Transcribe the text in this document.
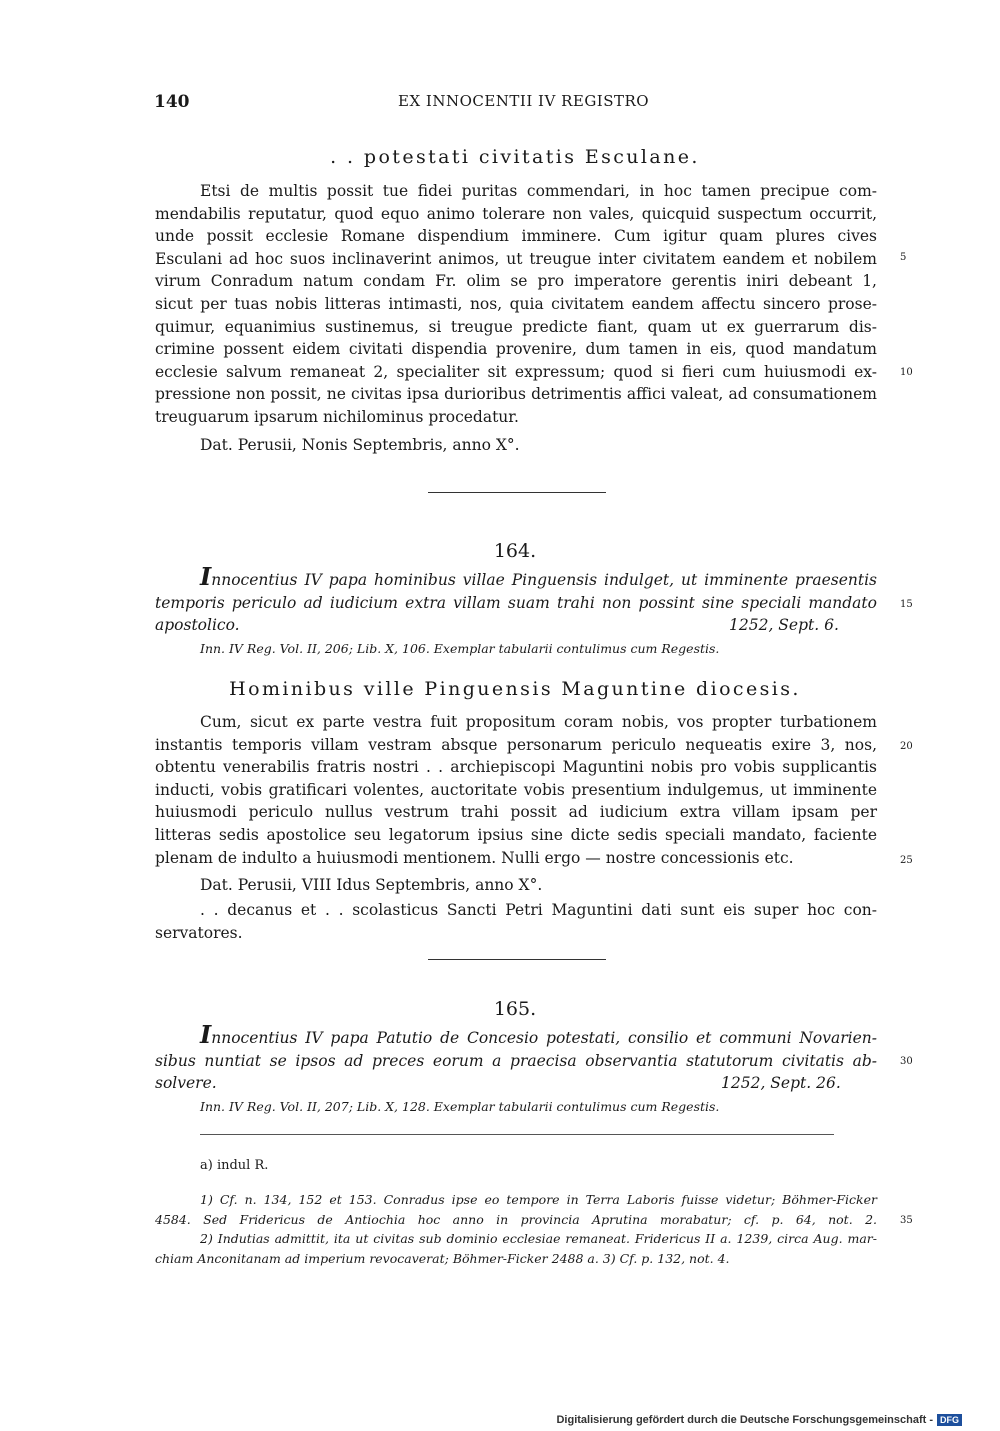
140	EX INNOCENTII IV REGISTRO
. . potestati civitatis Esculane.
Etsi de multis possit tue fidei puritas commendari, in hoc tamen precipue com-
mendabilis reputatur, quod equo animo tolerare non vales, quicquid suspectum occurrit,
unde possit ecclesie Romane dispendium imminere. Cum igitur quam plures cives
Esculani ad hoc suos inclinaverint animos, ut treugue inter civitatem eandem et nobilem
virum Conradum natum condam Fr. olim se pro imperatore gerentis iniri debeant 1,
sicut per tuas nobis litteras intimasti, nos, quia civitatem eandem affectu sincero prose-
quimur, equanimius sustinemus, si treugue predicte fiant, quam ut ex guerrarum dis-
crimine possent eidem civitati dispendia provenire, dum tamen in eis, quod mandatum
ecclesie salvum remaneat 2, specialiter sit expressum; quod si fieri cum huiusmodi ex-
pressione non possit, ne civitas ipsa durioribus detrimentis affici valeat, ad consumationem
treuguarum ipsarum nichilominus procedatur.
Dat. Perusii, Nonis Septembris, anno X°.
164.
Innocentius IV papa hominibus villae Pinguensis indulget, ut imminente praesentis
temporis periculo ad iudicium extra villam suam trahi non possint sine speciali mandato
apostolico.	1252, Sept. 6.
Inn. IV Reg. Vol. II, 206; Lib. X, 106. Exemplar tabularii contulimus cum Regestis.
Hominibus ville Pinguensis Maguntine diocesis.
Cum, sicut ex parte vestra fuit propositum coram nobis, vos propter turbationem
instantis temporis villam vestram absque personarum periculo nequeatis exire 3, nos,
obtentu venerabilis fratris nostri . . archiepiscopi Maguntini nobis pro vobis supplicantis
inducti, vobis gratificari volentes, auctoritate vobis presentium indulgemus, ut imminente
huiusmodi periculo nullus vestrum trahi possit ad iudicium extra villam ipsam per
litteras sedis apostolice seu legatorum ipsius sine dicte sedis speciali mandato, faciente
plenam de indulto a huiusmodi mentionem. Nulli ergo — nostre concessionis etc.
Dat. Perusii, VIII Idus Septembris, anno X°.
. . decanus et . . scolasticus Sancti Petri Maguntini dati sunt eis super hoc con-
servatores.
165.
Innocentius IV papa Patutio de Concesio potestati, consilio et communi Novarien-
sibus nuntiat se ipsos ad preces eorum a praecisa observantia statutorum civitatis ab-
solvere.	1252, Sept. 26.
Inn. IV Reg. Vol. II, 207; Lib. X, 128. Exemplar tabularii contulimus cum Regestis.
a) indul R.
1) Cf. n. 134, 152 et 153. Conradus ipse eo tempore in Terra Laboris fuisse videtur; Böhmer-Ficker
4584. Sed Fridericus de Antiochia hoc anno in provincia Aprutina morabatur; cf. p. 64, not. 2.
2) Indutias admittit, ita ut civitas sub dominio ecclesiae remaneat. Fridericus II a. 1239, circa Aug. mar-
chiam Anconitanam ad imperium revocaverat; Böhmer-Ficker 2488 a. 3) Cf. p. 132, not. 4.
5
10
15
20
25
30
35
Digitalisierung gefördert durch die Deutsche Forschungsgemeinschaft - DFG
